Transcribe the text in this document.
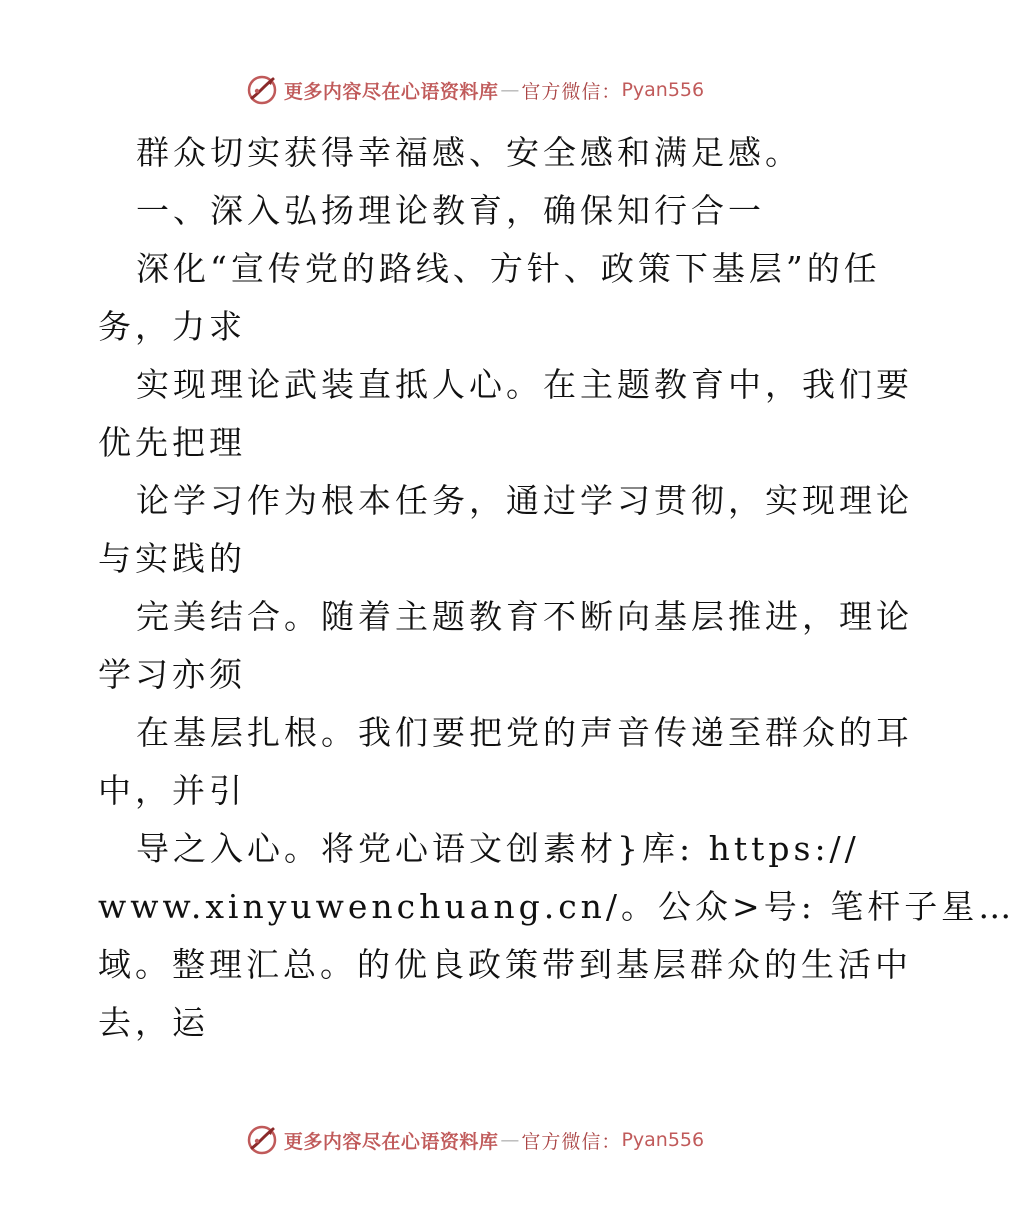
更多内容尽在心语资料库 — 官方微信： Pyan556
群众切实获得幸福感、安全感和满足感。
一、深入弘扬理论教育，确保知行合一
深化“宣传党的路线、方针、政策下基层”的任
务，力求
实现理论武装直抵人心。在主题教育中，我们要
优先把理
论学习作为根本任务，通过学习贯彻，实现理论
与实践的
完美结合。随着主题教育不断向基层推进，理论
学习亦须
在基层扎根。我们要把党的声音传递至群众的耳
中，并引
导之入心。将党心语文创素材}库: https://
www.xinyuwenchuang.cn/。公众>号: 笔杆子星…
域。整理汇总。的优良政策带到基层群众的生活中
去，运
更多内容尽在心语资料库 — 官方微信： Pyan556
